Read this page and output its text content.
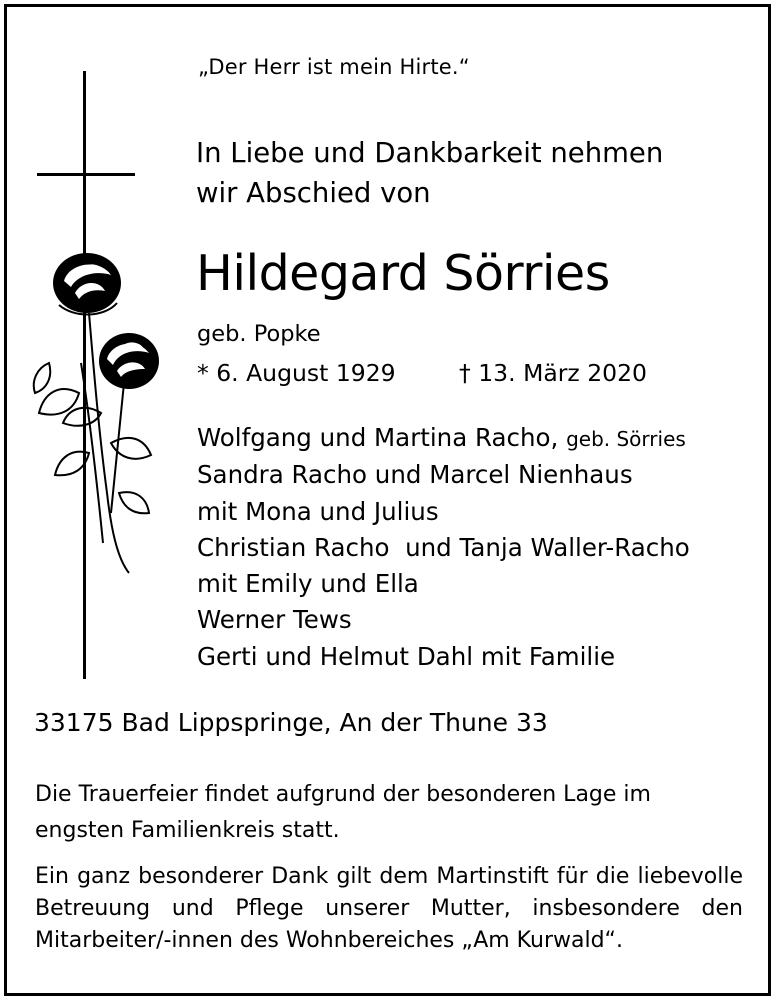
„Der Herr ist mein Hirte.“
In Liebe und Dankbarkeit nehmen
wir Abschied von
Hildegard Sörries
geb. Popke
* 6. August 1929	† 13. März 2020
Wolfgang und Martina Racho, geb. Sörries
Sandra Racho und Marcel Nienhaus
mit Mona und Julius
Christian Racho  und Tanja Waller-Racho
mit Emily und Ella
Werner Tews
Gerti und Helmut Dahl mit Familie
33175 Bad Lippspringe, An der Thune 33
Die Trauerfeier findet aufgrund der besonderen Lage im engsten Familienkreis statt.
Ein ganz besonderer Dank gilt dem Martinstift für die liebevolle Betreuung und Pflege unserer Mutter, insbesondere den Mitarbeiter/-innen des Wohnbereiches „Am Kurwald“.
